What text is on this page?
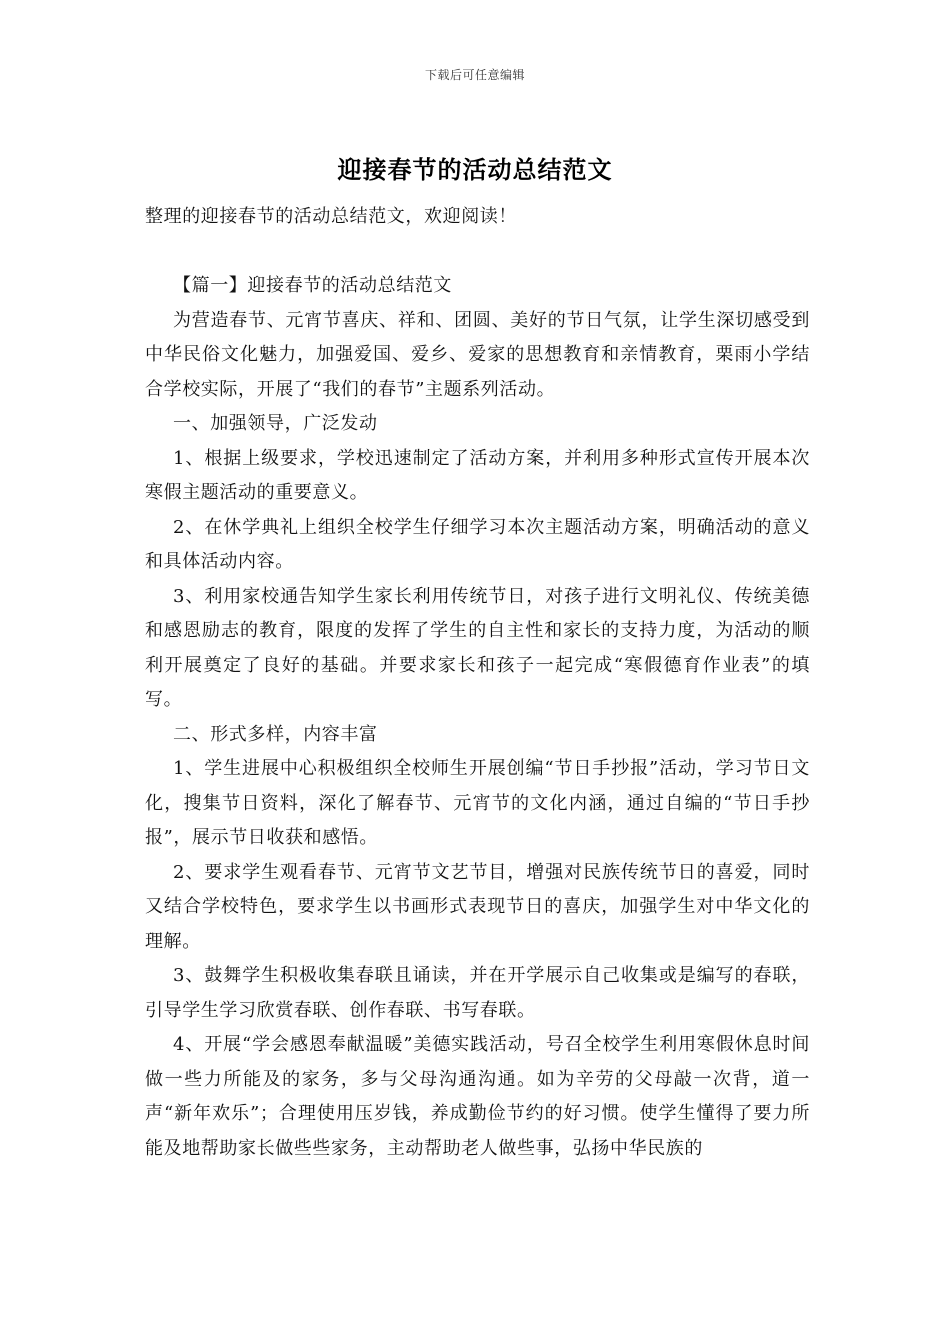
下载后可任意编辑
迎接春节的活动总结范文

整理的迎接春节的活动总结范文，欢迎阅读！

【篇一】迎接春节的活动总结范文

为营造春节、元宵节喜庆、祥和、团圆、美好的节日气氛，让学生深切感受到中华民俗文化魅力，加强爱国、爱乡、爱家的思想教育和亲情教育，栗雨小学结合学校实际，开展了“我们的春节”主题系列活动。

一、加强领导，广泛发动

1、根据上级要求，学校迅速制定了活动方案，并利用多种形式宣传开展本次寒假主题活动的重要意义。

2、在休学典礼上组织全校学生仔细学习本次主题活动方案，明确活动的意义和具体活动内容。

3、利用家校通告知学生家长利用传统节日，对孩子进行文明礼仪、传统美德和感恩励志的教育，限度的发挥了学生的自主性和家长的支持力度，为活动的顺利开展奠定了良好的基础。并要求家长和孩子一起完成“寒假德育作业表”的填写。

二、形式多样，内容丰富

1、学生进展中心积极组织全校师生开展创编“节日手抄报”活动，学习节日文化，搜集节日资料，深化了解春节、元宵节的文化内涵，通过自编的“节日手抄报”，展示节日收获和感悟。

2、要求学生观看春节、元宵节文艺节目，增强对民族传统节日的喜爱，同时又结合学校特色，要求学生以书画形式表现节日的喜庆，加强学生对中华文化的理解。

3、鼓舞学生积极收集春联且诵读，并在开学展示自己收集或是编写的春联，引导学生学习欣赏春联、创作春联、书写春联。

4、开展“学会感恩奉献温暖”美德实践活动，号召全校学生利用寒假休息时间做一些力所能及的家务，多与父母沟通沟通。如为辛劳的父母敲一次背，道一声“新年欢乐”；合理使用压岁钱，养成勤俭节约的好习惯。使学生懂得了要力所能及地帮助家长做些些家务，主动帮助老人做些事，弘扬中华民族的
